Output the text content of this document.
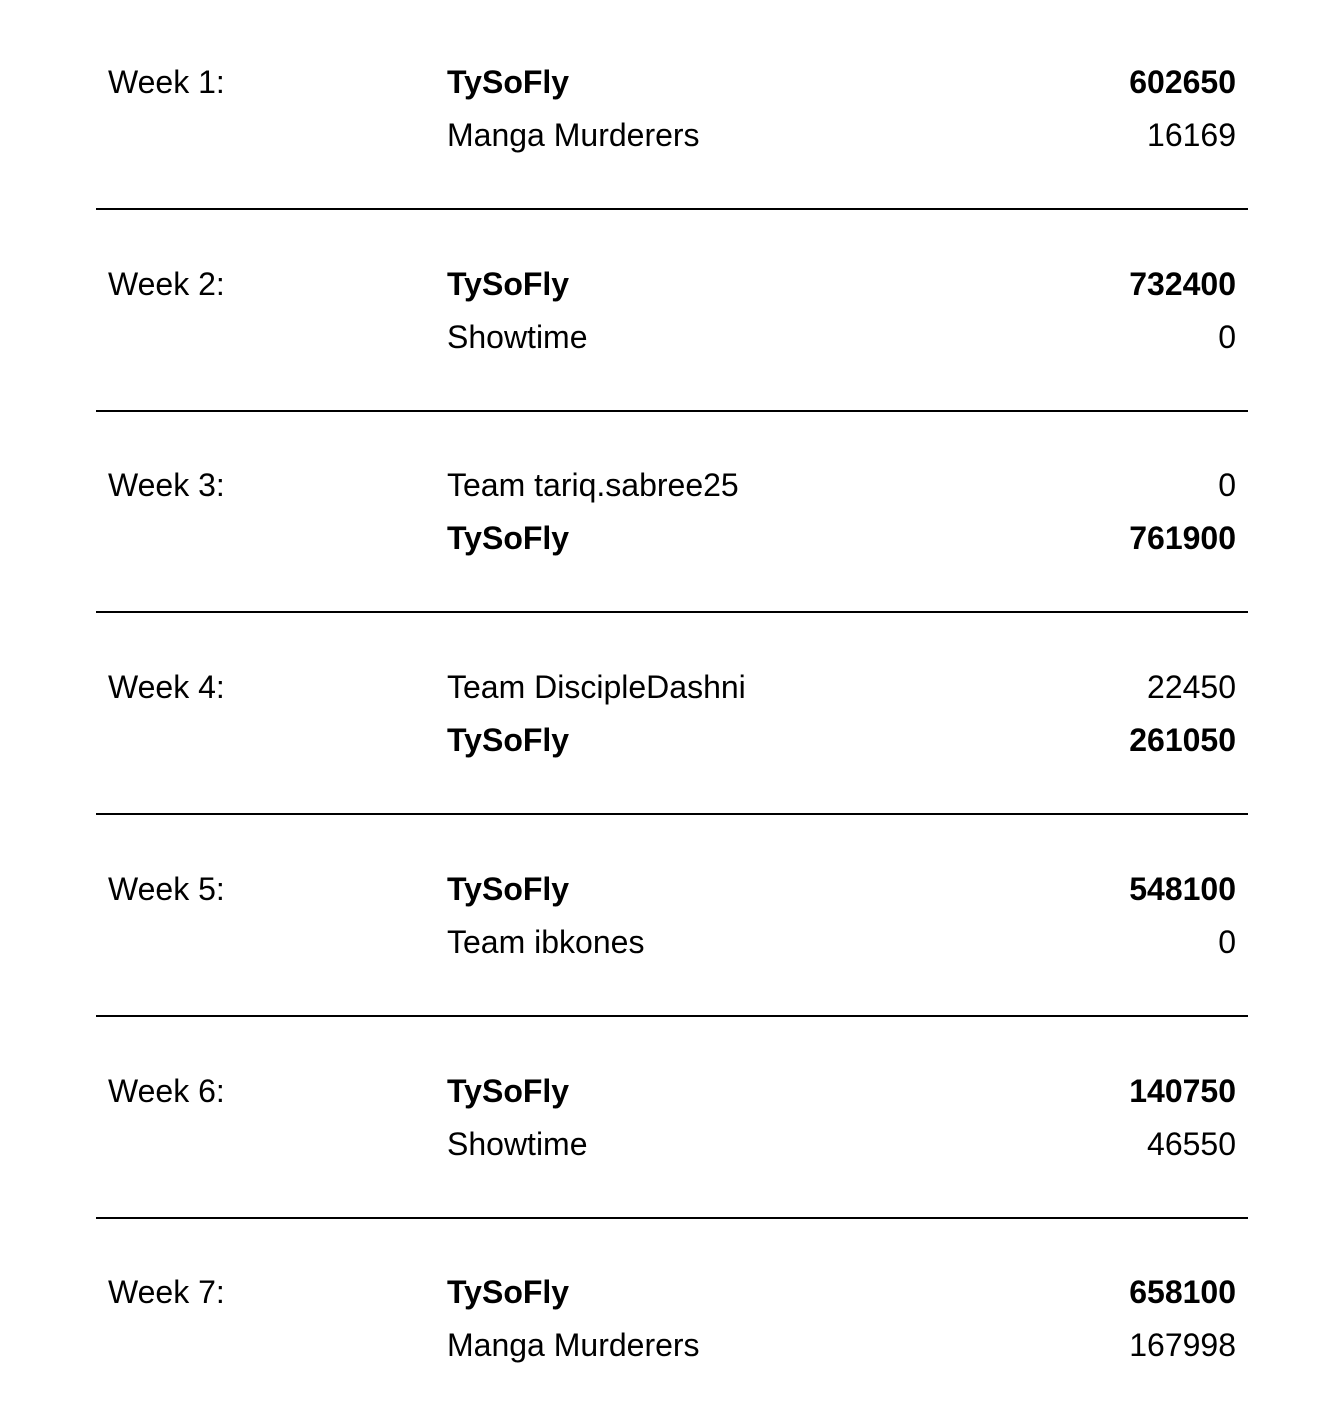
Week 1:	TySoFly	602650
Manga Murderers	16169
Week 2:	TySoFly	732400
Showtime	0
Week 3:	Team tariq.sabree25	0
TySoFly	761900
Week 4:	Team DiscipleDashni	22450
TySoFly	261050
Week 5:	TySoFly	548100
Team ibkones	0
Week 6:	TySoFly	140750
Showtime	46550
Week 7:	TySoFly	658100
Manga Murderers	167998
